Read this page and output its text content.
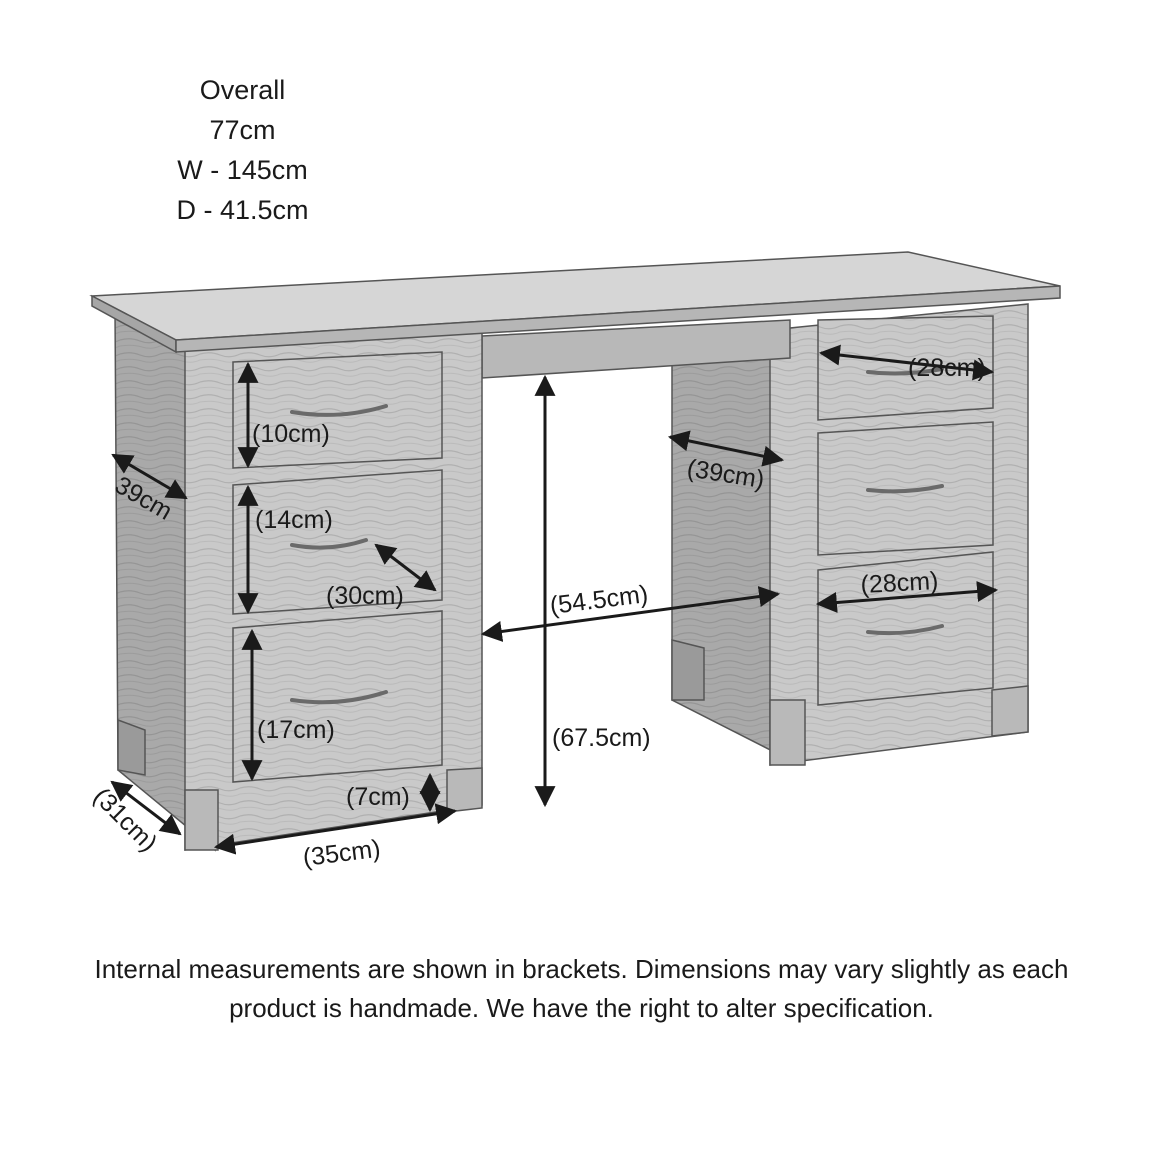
Overall
77cm
W - 145cm
D - 41.5cm
39cm
(31cm)
(10cm)
(14cm)
(30cm)
(17cm)
(7cm)
(35cm)
(54.5cm)
(67.5cm)
(39cm)
(28cm)
(28cm)
Internal measurements are shown in brackets. Dimensions may vary slightly as each
product is handmade. We have the right to alter specification.
